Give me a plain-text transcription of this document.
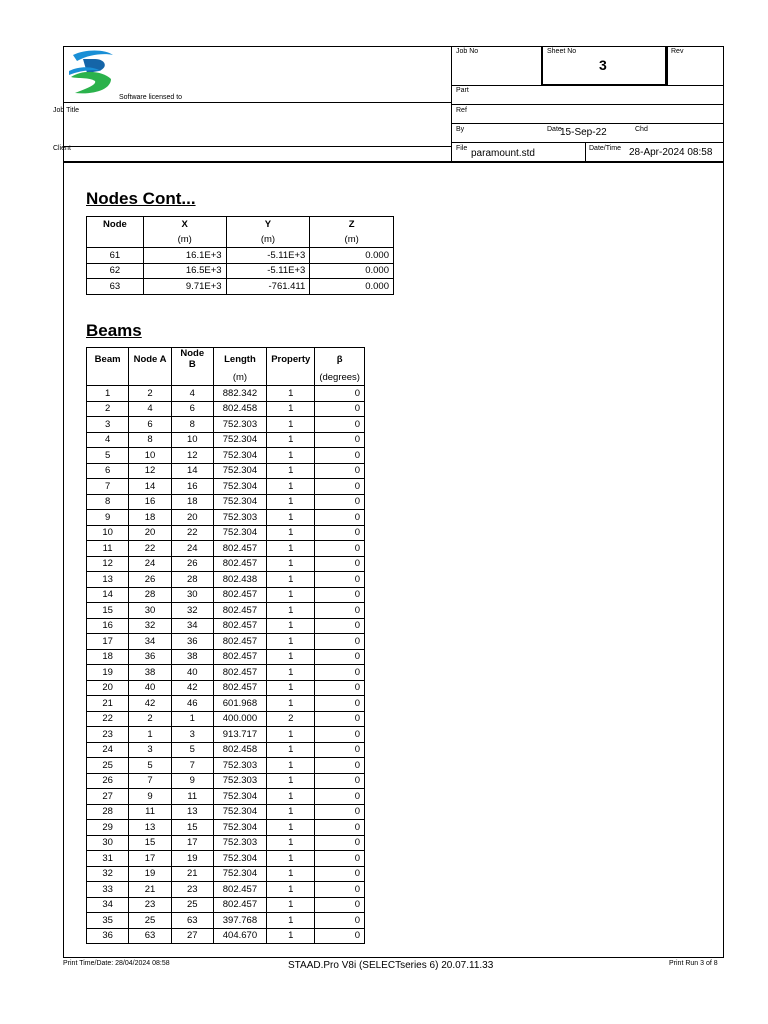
Software licensed to
Job Title
Client
Job No	Sheet No
3
Rev
Part
Ref
By	Date
15-Sep-22	Chd
File paramount.std	Date/Time 28-Apr-2024 08:58
Nodes Cont...
Node	X	Y	Z
	(m)	(m)	(m)
61	16.1E+3	-5.11E+3	0.000
62	16.5E+3	-5.11E+3	0.000
63	9.71E+3	-761.411	0.000
Beams
Beam	Node A	Node B	Length	Property	β
			(m)		(degrees)
1	2	4	882.342	1	0
2	4	6	802.458	1	0
3	6	8	752.303	1	0
4	8	10	752.304	1	0
5	10	12	752.304	1	0
6	12	14	752.304	1	0
7	14	16	752.304	1	0
8	16	18	752.304	1	0
9	18	20	752.303	1	0
10	20	22	752.304	1	0
11	22	24	802.457	1	0
12	24	26	802.457	1	0
13	26	28	802.438	1	0
14	28	30	802.457	1	0
15	30	32	802.457	1	0
16	32	34	802.457	1	0
17	34	36	802.457	1	0
18	36	38	802.457	1	0
19	38	40	802.457	1	0
20	40	42	802.457	1	0
21	42	46	601.968	1	0
22	2	1	400.000	2	0
23	1	3	913.717	1	0
24	3	5	802.458	1	0
25	5	7	752.303	1	0
26	7	9	752.303	1	0
27	9	11	752.304	1	0
28	11	13	752.304	1	0
29	13	15	752.304	1	0
30	15	17	752.303	1	0
31	17	19	752.304	1	0
32	19	21	752.304	1	0
33	21	23	802.457	1	0
34	23	25	802.457	1	0
35	25	63	397.768	1	0
36	63	27	404.670	1	0
Print Time/Date: 28/04/2024 08:58	STAAD.Pro V8i (SELECTseries 6) 20.07.11.33	Print Run 3 of 8
